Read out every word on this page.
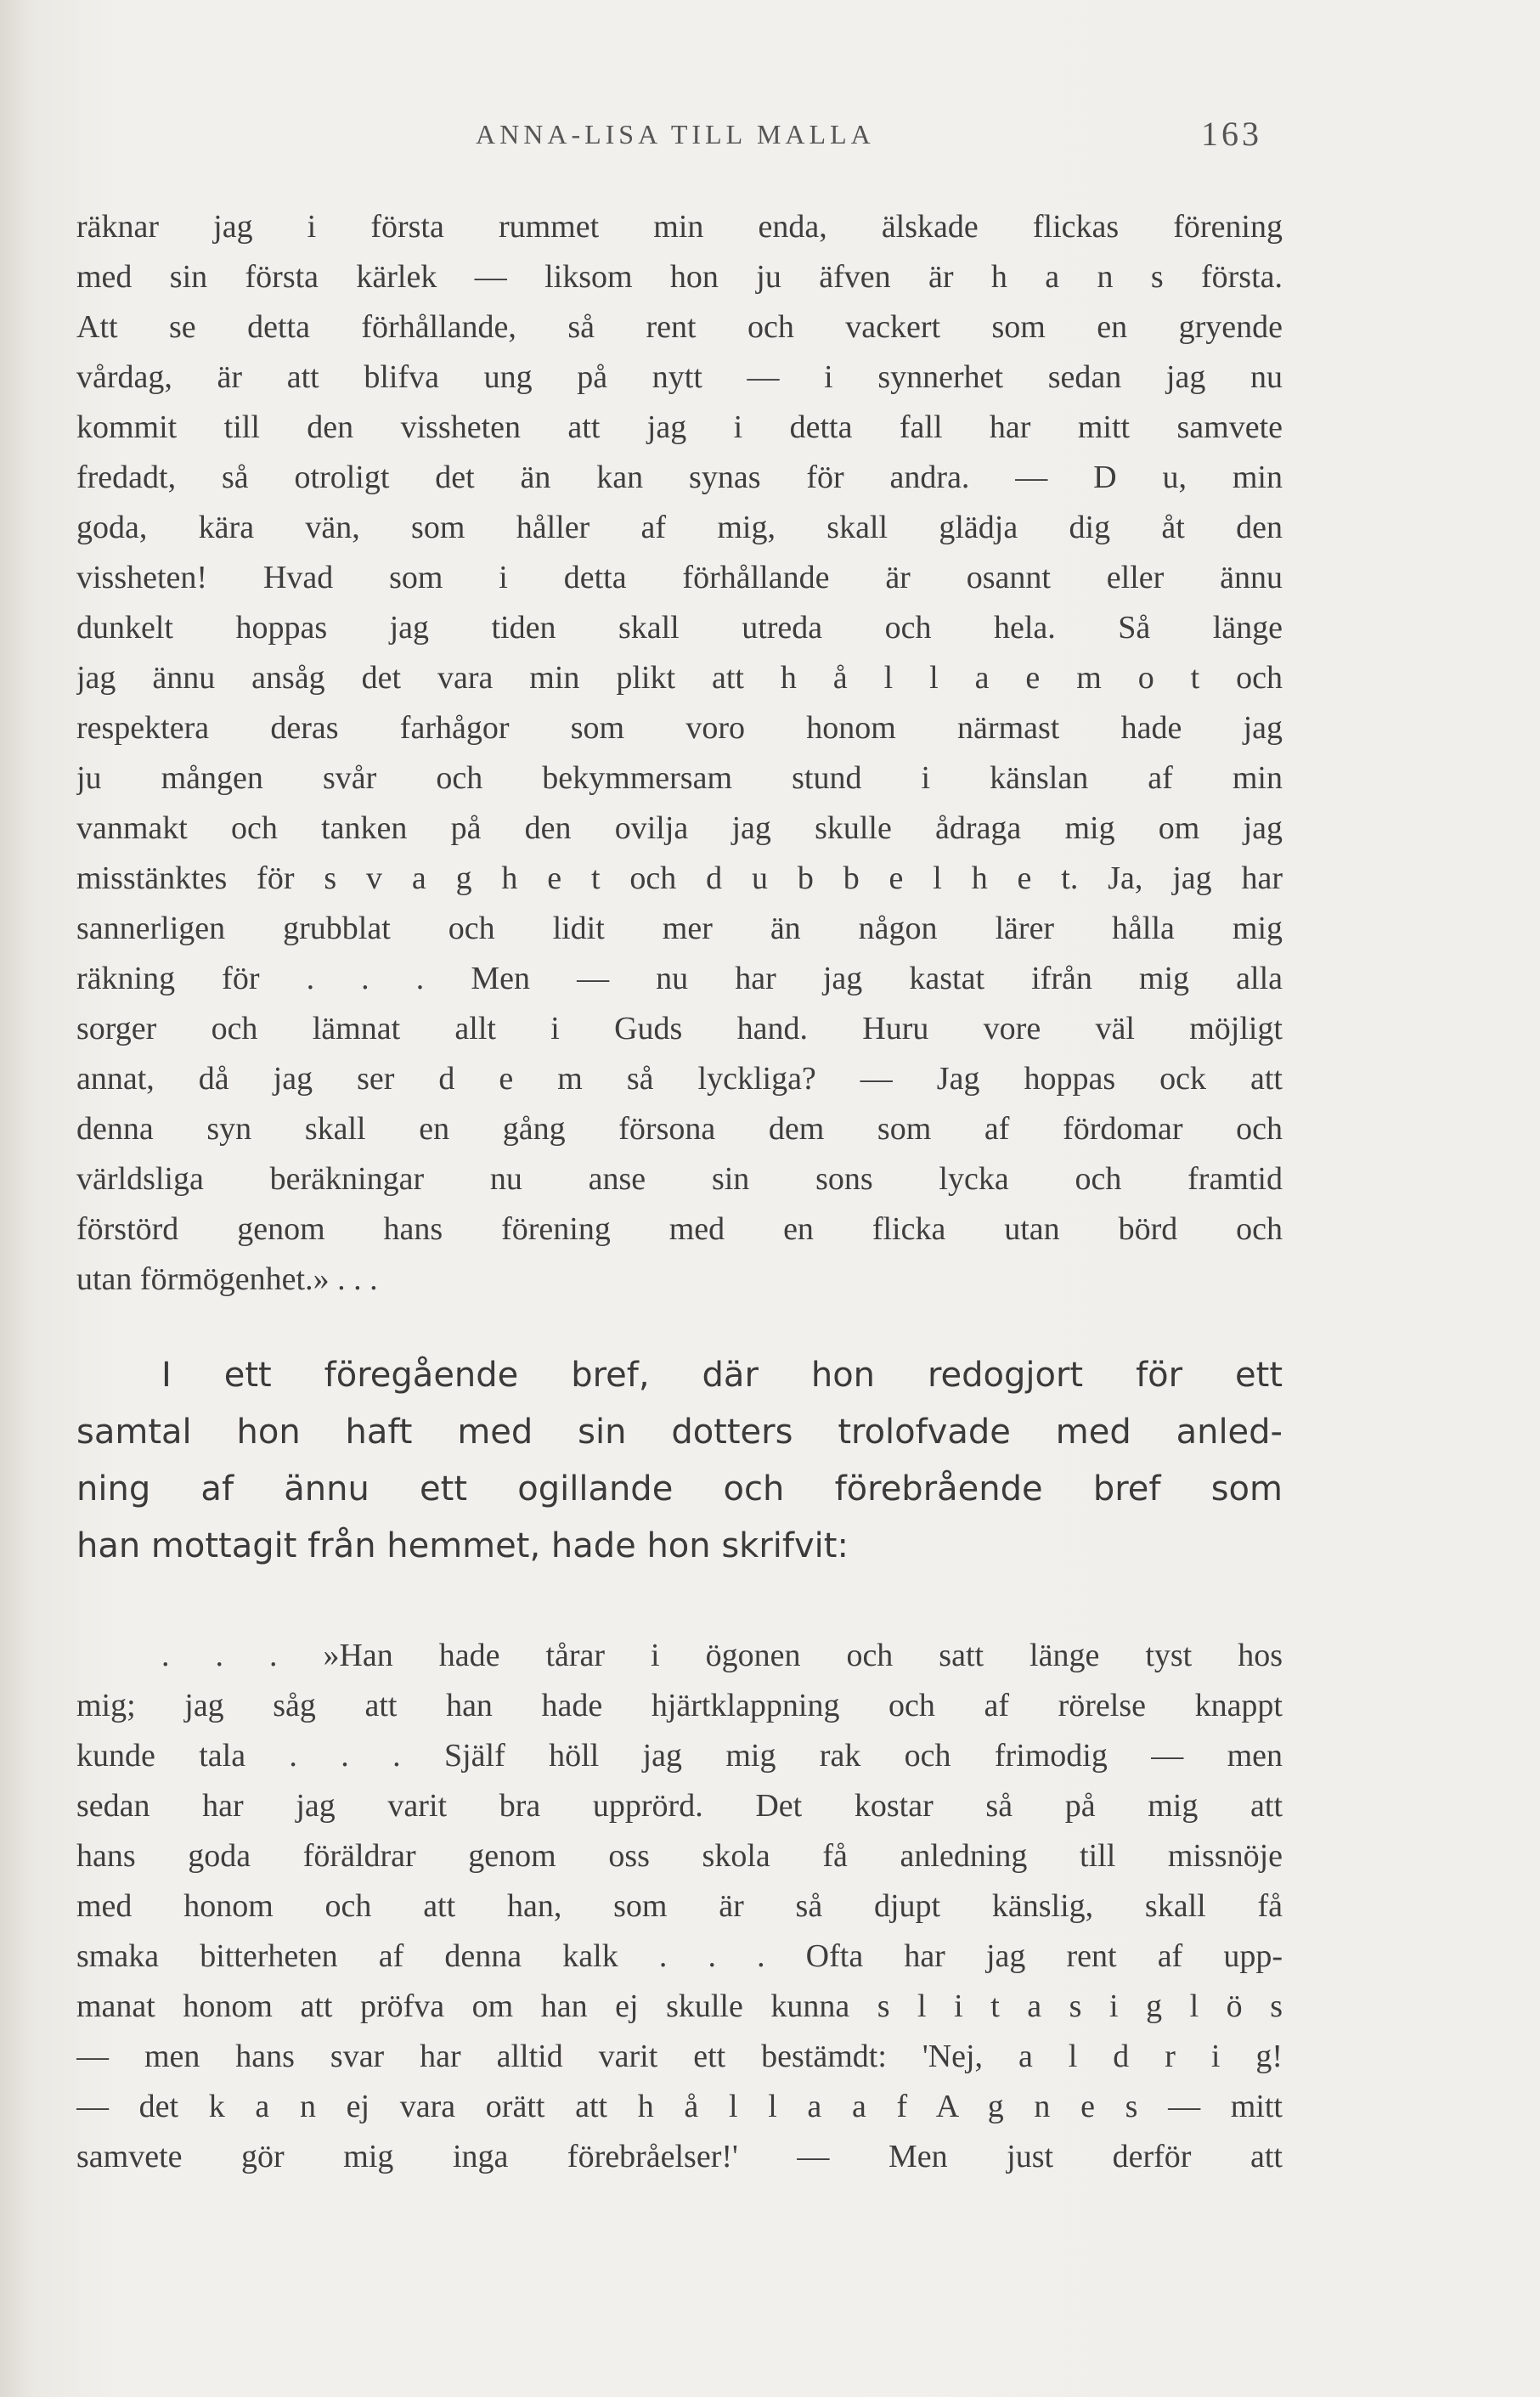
ANNA-LISA TILL MALLA	163
räknar jag i första rummet min enda, älskade flickas förening
med sin första kärlek — liksom hon ju äfven är h a n s första.
Att se detta förhållande, så rent och vackert som en gryende
vårdag, är att blifva ung på nytt — i synnerhet sedan jag nu
kommit till den vissheten att jag i detta fall har mitt samvete
fredadt, så otroligt det än kan synas för andra. — D u, min
goda, kära vän, som håller af mig, skall glädja dig åt den
vissheten! Hvad som i detta förhållande är osannt eller ännu
dunkelt hoppas jag tiden skall utreda och hela. Så länge
jag ännu ansåg det vara min plikt att h å l l a e m o t och
respektera deras farhågor som voro honom närmast hade jag
ju mången svår och bekymmersam stund i känslan af min
vanmakt och tanken på den ovilja jag skulle ådraga mig om jag
misstänktes för s v a g h e t och d u b b e l h e t. Ja, jag har
sannerligen grubblat och lidit mer än någon lärer hålla mig
räkning för . . . Men — nu har jag kastat ifrån mig alla
sorger och lämnat allt i Guds hand. Huru vore väl möjligt
annat, då jag ser d e m så lyckliga? — Jag hoppas ock att
denna syn skall en gång försona dem som af fördomar och
världsliga beräkningar nu anse sin sons lycka och framtid
förstörd genom hans förening med en flicka utan börd och
utan förmögenhet.» . . .
I ett föregående bref, där hon redogjort för ett
samtal hon haft med sin dotters trolofvade med anled-
ning af ännu ett ogillande och förebrående bref som
han mottagit från hemmet, hade hon skrifvit:
. . . »Han hade tårar i ögonen och satt länge tyst hos
mig; jag såg att han hade hjärtklappning och af rörelse knappt
kunde tala . . . Själf höll jag mig rak och frimodig — men
sedan har jag varit bra upprörd. Det kostar så på mig att
hans goda föräldrar genom oss skola få anledning till missnöje
med honom och att han, som är så djupt känslig, skall få
smaka bitterheten af denna kalk . . . Ofta har jag rent af upp-
manat honom att pröfva om han ej skulle kunna s l i t a s i g l ö s
— men hans svar har alltid varit ett bestämdt: 'Nej, a l d r i g!
— det k a n ej vara orätt att h å l l a a f A g n e s — mitt
samvete gör mig inga förebråelser!' — Men just derför att
